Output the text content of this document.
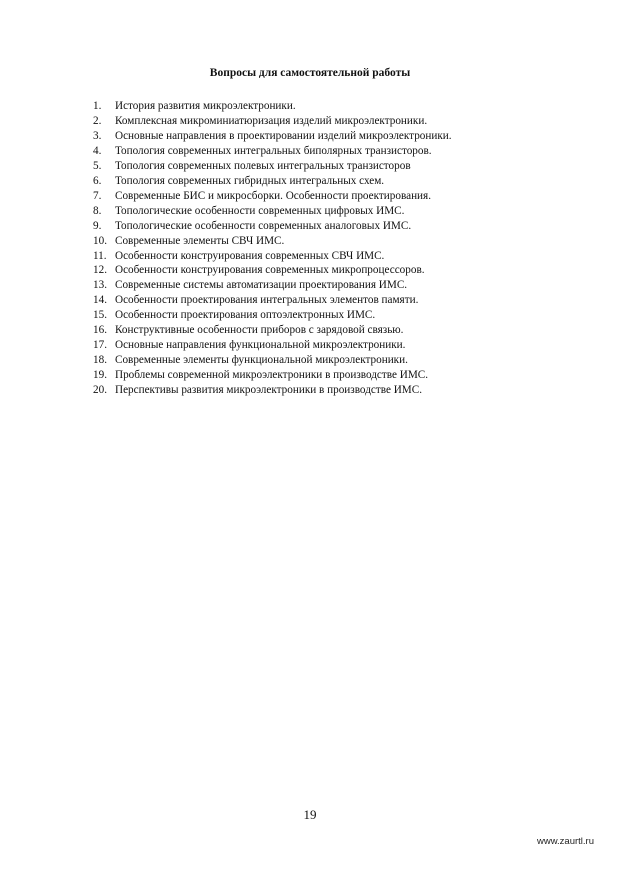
Вопросы для самостоятельной работы
1.	История развития микроэлектроники.
2.	Комплексная микроминиатюризация изделий микроэлектроники.
3.	Основные направления в проектировании изделий микроэлектроники.
4.	Топология современных интегральных биполярных транзисторов.
5.	Топология современных полевых интегральных транзисторов
6.	Топология современных гибридных интегральных схем.
7.	Современные БИС и микросборки. Особенности проектирования.
8.	Топологические особенности современных цифровых ИМС.
9.	Топологические особенности современных аналоговых ИМС.
10. Современные элементы СВЧ ИМС.
11. Особенности конструирования современных СВЧ ИМС.
12. Особенности конструирования современных микропроцессоров.
13. Современные системы автоматизации проектирования ИМС.
14. Особенности проектирования интегральных элементов памяти.
15. Особенности проектирования оптоэлектронных ИМС.
16. Конструктивные особенности приборов с зарядовой связью.
17. Основные направления функциональной микроэлектроники.
18. Современные элементы функциональной микроэлектроники.
19. Проблемы современной микроэлектроники в производстве ИМС.
20. Перспективы развития микроэлектроники в производстве ИМС.
19
www.zaurtl.ru
